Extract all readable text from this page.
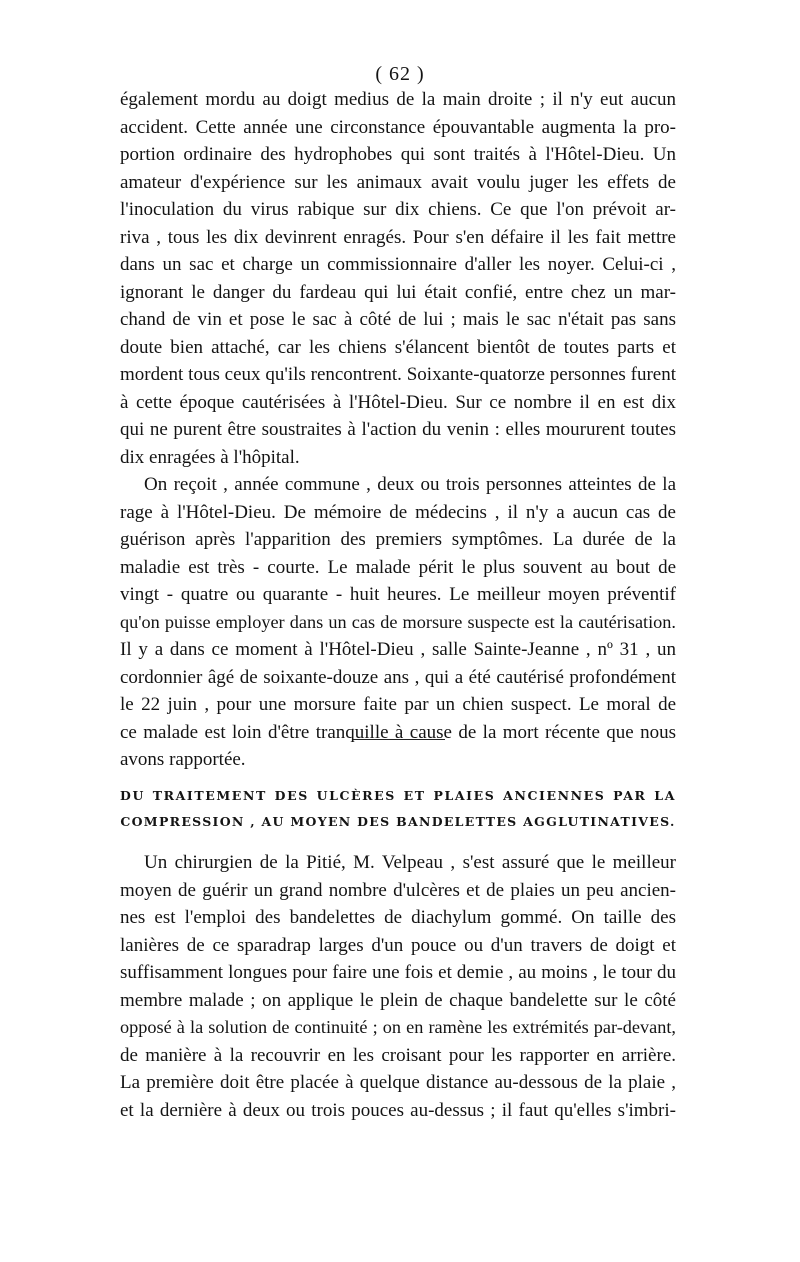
( 62 )
également mordu au doigt medius de la main droite ; il n'y eut aucun
accident. Cette année une circonstance épouvantable augmenta la pro-
portion ordinaire des hydrophobes qui sont traités à l'Hôtel-Dieu. Un
amateur d'expérience sur les animaux avait voulu juger les effets de
l'inoculation du virus rabique sur dix chiens. Ce que l'on prévoit ar-
riva , tous les dix devinrent enragés. Pour s'en défaire il les fait mettre
dans un sac et charge un commissionnaire d'aller les noyer. Celui-ci ,
ignorant le danger du fardeau qui lui était confié, entre chez un mar-
chand de vin et pose le sac à côté de lui ; mais le sac n'était pas sans
doute bien attaché, car les chiens s'élancent bientôt de toutes parts et
mordent tous ceux qu'ils rencontrent. Soixante-quatorze personnes furent
à cette époque cautérisées à l'Hôtel-Dieu. Sur ce nombre il en est dix
qui ne purent être soustraites à l'action du venin : elles moururent toutes
dix enragées à l'hôpital.
On reçoit , année commune , deux ou trois personnes atteintes de la
rage à l'Hôtel-Dieu. De mémoire de médecins , il n'y a aucun cas de
guérison après l'apparition des premiers symptômes. La durée de la
maladie est très - courte. Le malade périt le plus souvent au bout de
vingt - quatre ou quarante - huit heures. Le meilleur moyen préventif
qu'on puisse employer dans un cas de morsure suspecte est la cautérisation.
Il y a dans ce moment à l'Hôtel-Dieu , salle Sainte-Jeanne , nº 31 , un
cordonnier âgé de soixante-douze ans , qui a été cautérisé profondément
le 22 juin , pour une morsure faite par un chien suspect. Le moral de
ce malade est loin d'être tranquille à cause de la mort récente que nous
avons rapportée.
DU TRAITEMENT DES ULCÈRES ET PLAIES ANCIENNES PAR LA
COMPRESSION , AU MOYEN DES BANDELETTES AGGLUTINATIVES.
Un chirurgien de la Pitié, M. Velpeau , s'est assuré que le meilleur
moyen de guérir un grand nombre d'ulcères et de plaies un peu ancien-
nes est l'emploi des bandelettes de diachylum gommé. On taille des
lanières de ce sparadrap larges d'un pouce ou d'un travers de doigt et
suffisamment longues pour faire une fois et demie , au moins , le tour du
membre malade ; on applique le plein de chaque bandelette sur le côté
opposé à la solution de continuité ; on en ramène les extrémités par-devant,
de manière à la recouvrir en les croisant pour les rapporter en arrière.
La première doit être placée à quelque distance au-dessous de la plaie ,
et la dernière à deux ou trois pouces au-dessus ; il faut qu'elles s'imbri-
